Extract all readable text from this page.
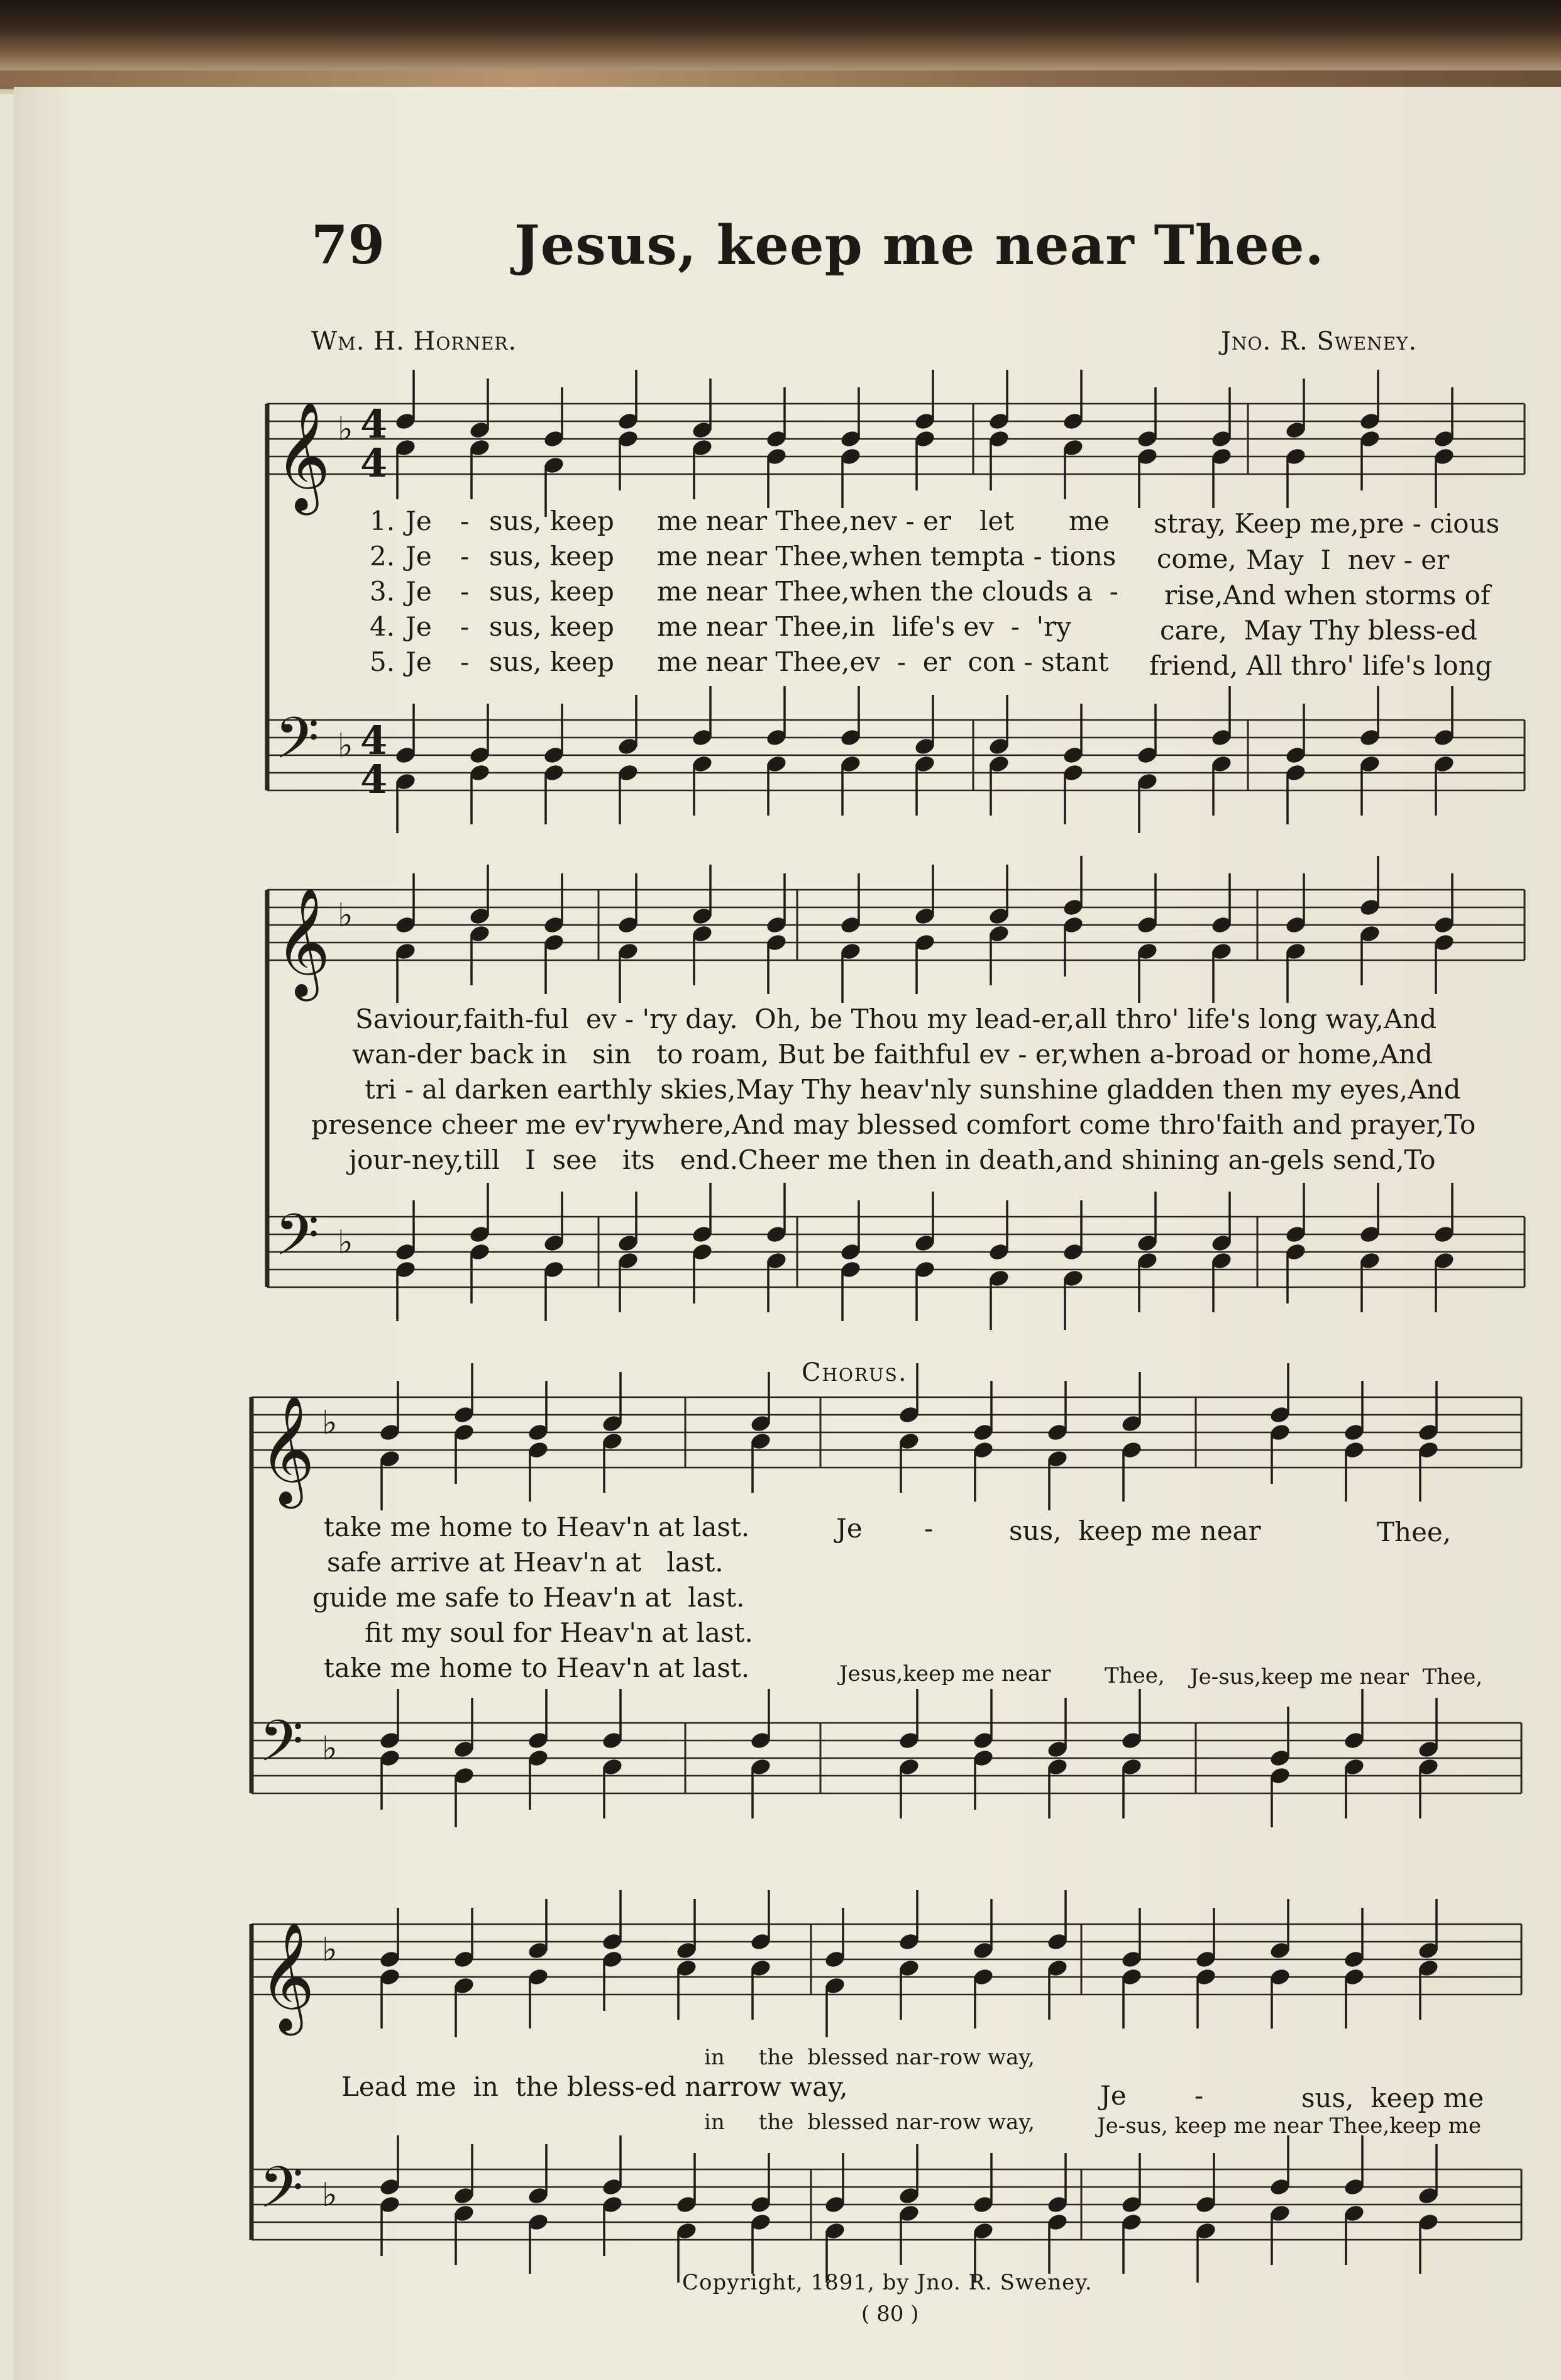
79 Jesus, keep me near Thee.
Wm. H. Horner.	Jno. R. Sweney.
𝄞 ♭
𝄢 ♭
𝄞 ♭
𝄢 ♭
𝄞 ♭
𝄢 ♭
𝄞 ♭
𝄢 ♭
4
4
4
4
1. Je - sus, keep me near Thee,nev - er let me stray, Keep me,pre - cious
2. Je - sus, keep me near Thee,when tempta - tions come, May  I  nev - er
3. Je - sus, keep me near Thee,when the clouds a  - rise,And when storms of
4. Je - sus, keep me near Thee,in  life's ev  -  'ry	care,  May Thy bless-ed
5. Je - sus, keep me near Thee,ev  -  er  con - stant friend, All thro' life's long
Saviour,faith-ful  ev - 'ry day.  Oh, be Thou my lead-er,all thro' life's long way,And
wan-der back in   sin   to roam, But be faithful ev - er,when a-broad or home,And
tri - al darken earthly skies,May Thy heav'nly sunshine gladden then my eyes,And
presence cheer me ev'rywhere,And may blessed comfort come thro'faith and prayer,To
jour-ney,till   I  see   its   end.Cheer me then in death,and shining an-gels send,To
Chorus.
take me home to Heav'n at last.
safe arrive at Heav'n at   last.
guide me safe to Heav'n at  last.
fit my soul for Heav'n at last.
take me home to Heav'n at last.
Je -	sus,  keep me near	Thee,
Jesus,keep me near	Thee, Je-sus,keep me near  Thee,
in     the  blessed nar-row way,
Lead me  in  the bless-ed narrow way,	Je	-	sus,  keep me
in     the  blessed nar-row way,	Je-sus, keep me near Thee,keep me
Copyright, 1891, by Jno. R. Sweney.
( 80 )
